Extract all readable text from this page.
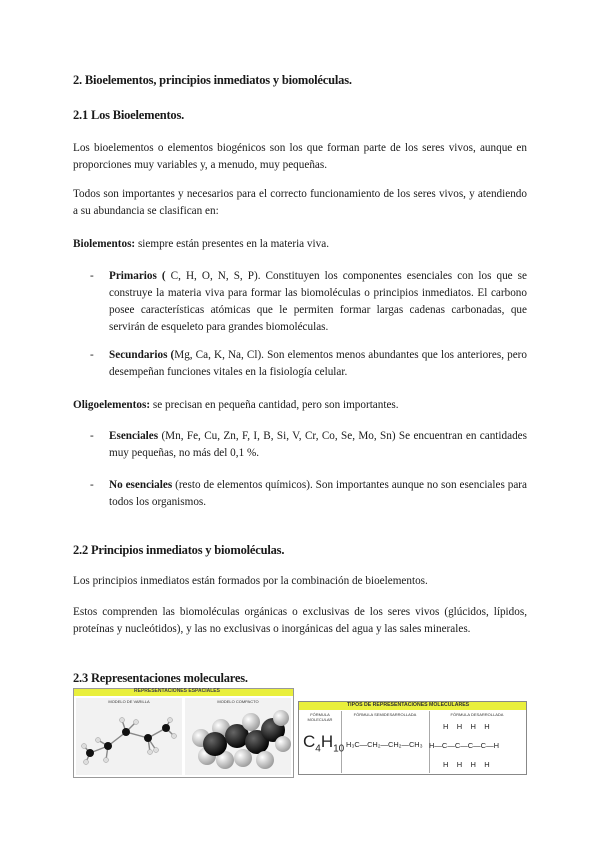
2. Bioelementos, principios inmediatos y biomoléculas.
2.1 Los Bioelementos.
Los bioelementos o elementos biogénicos son los que forman parte de los seres vivos, aunque en proporciones muy variables y, a menudo, muy pequeñas.
Todos son importantes y necesarios para el correcto funcionamiento de los seres vivos, y atendiendo a su abundancia se clasifican en:
Biolementos: siempre están presentes en la materia viva.
- Primarios ( C, H, O, N, S, P). Constituyen los componentes esenciales con los que se construye la materia viva para formar las biomoléculas o principios inmediatos. El carbono posee características atómicas que le permiten formar largas cadenas carbonadas, que servirán de esqueleto para grandes biomoléculas.
- Secundarios (Mg, Ca, K, Na, Cl). Son elementos menos abundantes que los anteriores, pero desempeñan funciones vitales en la fisiología celular.
Oligoelementos: se precisan en pequeña cantidad, pero son importantes.
- Esenciales (Mn, Fe, Cu, Zn, F, I, B, Si, V, Cr, Co, Se, Mo, Sn) Se encuentran en cantidades muy pequeñas, no más del 0,1 %.
- No esenciales (resto de elementos químicos). Son importantes aunque no son esenciales para todos los organismos.
2.2 Principios inmediatos y biomoléculas.
Los principios inmediatos están formados por la combinación de bioelementos.
Estos comprenden las biomoléculas orgánicas o exclusivas de los seres vivos (glúcidos, lípidos, proteínas y nucleótidos), y las no exclusivas o inorgánicas del agua y las sales minerales.
2.3 Representaciones moleculares.
REPRESENTACIONES ESPACIALES
MODELO DE VARILLA	MODELO COMPACTO
TIPOS DE REPRESENTACIONES MOLECULARES
FÓRMULA MOLECULAR
FÓRMULA SEMIDESARROLLADA	FÓRMULA DESARROLLADA
$C_4H_{10}$ H₃C—CH₂—CH₂—CH₃
H    H    H    H
H—C—C—C—C—H
H    H    H    H
